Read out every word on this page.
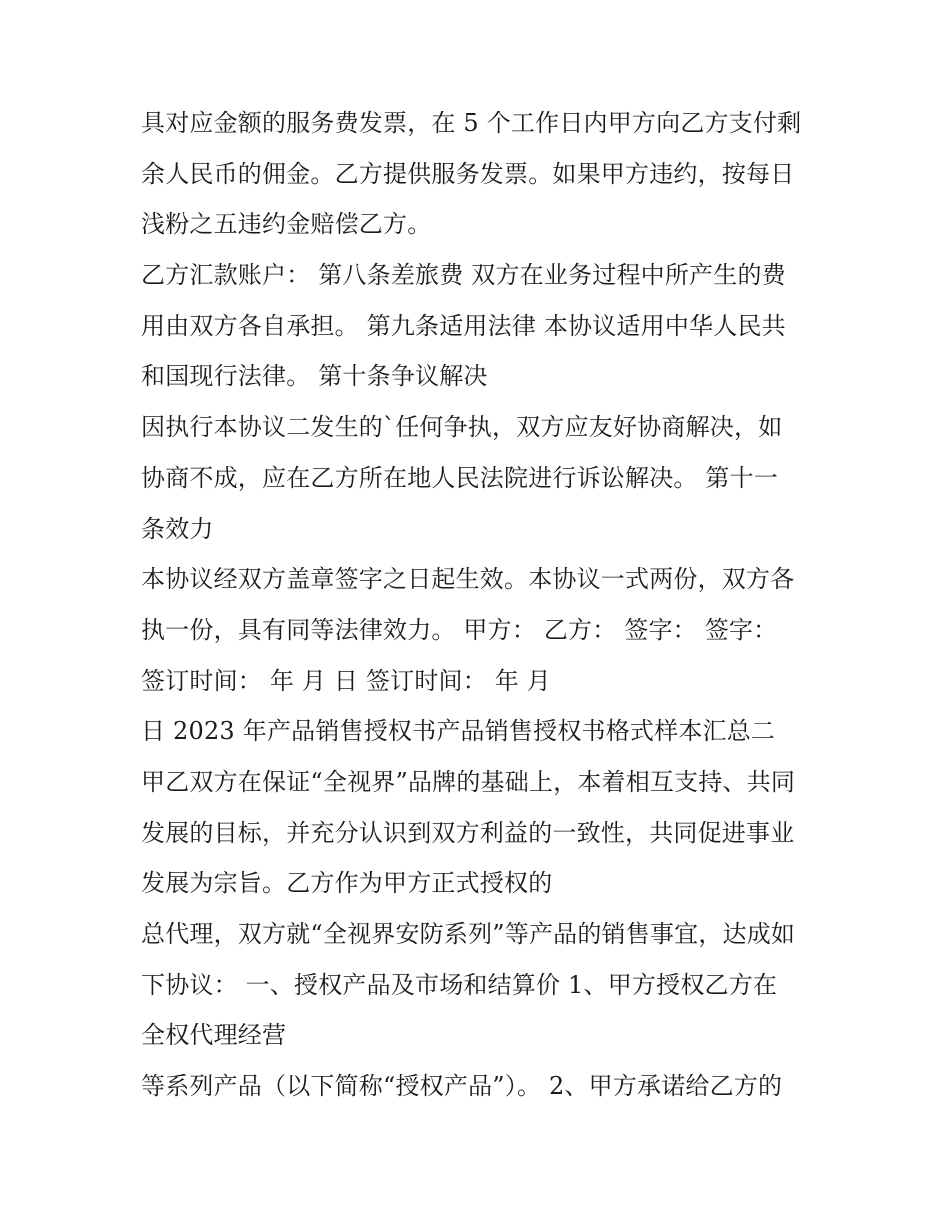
具对应金额的服务费发票，在 5 个工作日内甲方向乙方支付剩
余人民币的佣金。乙方提供服务发票。如果甲方违约，按每日
浅粉之五违约金赔偿乙方。
乙方汇款账户： 第八条差旅费 双方在业务过程中所产生的费
用由双方各自承担。 第九条适用法律 本协议适用中华人民共
和国现行法律。 第十条争议解决
因执行本协议二发生的`任何争执，双方应友好协商解决，如
协商不成，应在乙方所在地人民法院进行诉讼解决。 第十一
条效力
本协议经双方盖章签字之日起生效。本协议一式两份，双方各
执一份，具有同等法律效力。 甲方： 乙方： 签字： 签字：
签订时间： 年 月 日 签订时间： 年 月
日 2023 年产品销售授权书产品销售授权书格式样本汇总二
甲乙双方在保证“全视界”品牌的基础上，本着相互支持、共同
发展的目标，并充分认识到双方利益的一致性，共同促进事业
发展为宗旨。乙方作为甲方正式授权的
总代理，双方就“全视界安防系列”等产品的销售事宜，达成如
下协议： 一、授权产品及市场和结算价 1、甲方授权乙方在
全权代理经营
等系列产品（以下简称“授权产品”）。 2、甲方承诺给乙方的
